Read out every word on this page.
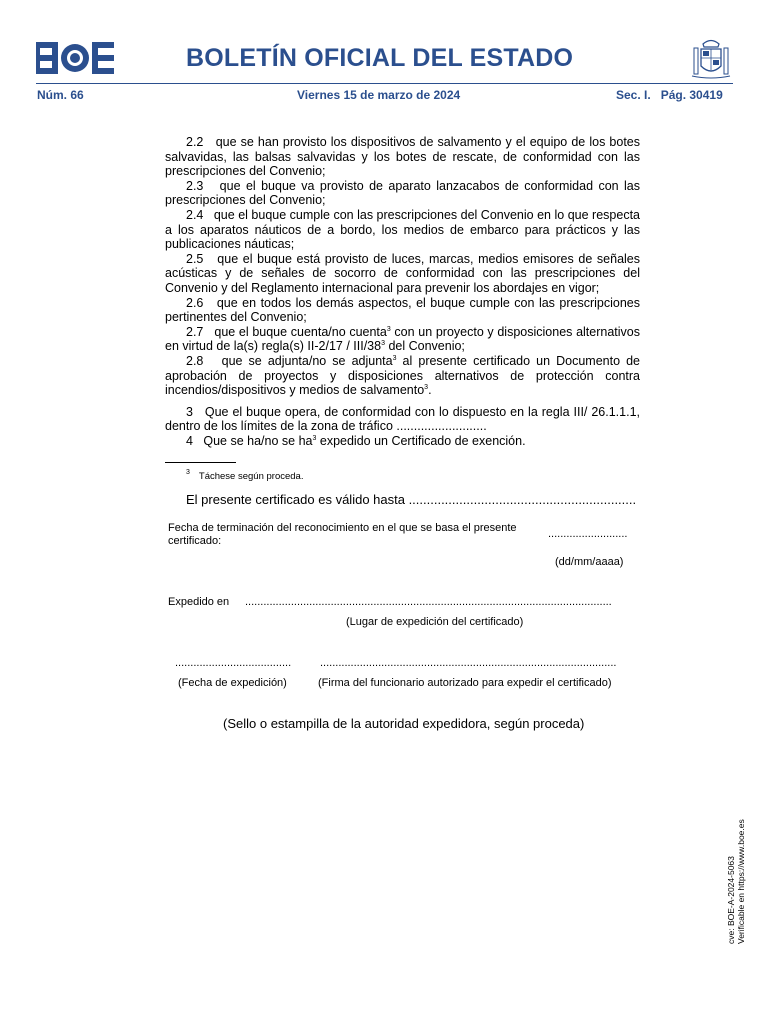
BOLETÍN OFICIAL DEL ESTADO
Núm. 66	Viernes 15 de marzo de 2024	Sec. I. Pág. 30419

2.2 que se han provisto los dispositivos de salvamento y el equipo de los botes salvavidas, las balsas salvavidas y los botes de rescate, de conformidad con las prescripciones del Convenio;

2.3 que el buque va provisto de aparato lanzacabos de conformidad con las prescripciones del Convenio;

2.4 que el buque cumple con las prescripciones del Convenio en lo que respecta a los aparatos náuticos de a bordo, los medios de embarco para prácticos y las publicaciones náuticas;

2.5 que el buque está provisto de luces, marcas, medios emisores de señales acústicas y de señales de socorro de conformidad con las prescripciones del Convenio y del Reglamento internacional para prevenir los abordajes en vigor;

2.6 que en todos los demás aspectos, el buque cumple con las prescripciones pertinentes del Convenio;

2.7 que el buque cuenta/no cuenta$^3$ con un proyecto y disposiciones alternativos en virtud de la(s) regla(s) II-2/17 / III/$38^3$ del Convenio;

2.8 que se adjunta/no se adjunta$^3$ al presente certificado un Documento de aprobación de proyectos y disposiciones alternativos de protección contra incendios/dispositivos y medios de salvamento$^3$.

3 Que el buque opera, de conformidad con lo dispuesto en la regla III/ 26.1.1.1, dentro de los límites de la zona de tráfico ..........................

4 Que se ha/no se $ha^3$ expedido un Certificado de exención.

$^3$ Táchese según proceda.
El presente certificado es válido hasta ...............................................................
Fecha de terminación del reconocimiento en el que se basa el presente certificado:
..........................
(dd/mm/aaaa)
Expedido en ........................................................................................................................
(Lugar de expedición del certificado)
......................................	.................................................................................................
(Fecha de expedición)	(Firma del funcionario autorizado para expedir el certificado)
(Sello o estampilla de la autoridad expedidora, según proceda)
cve: BOE-A-2024-5063 Verificable en https://www.boe.es
